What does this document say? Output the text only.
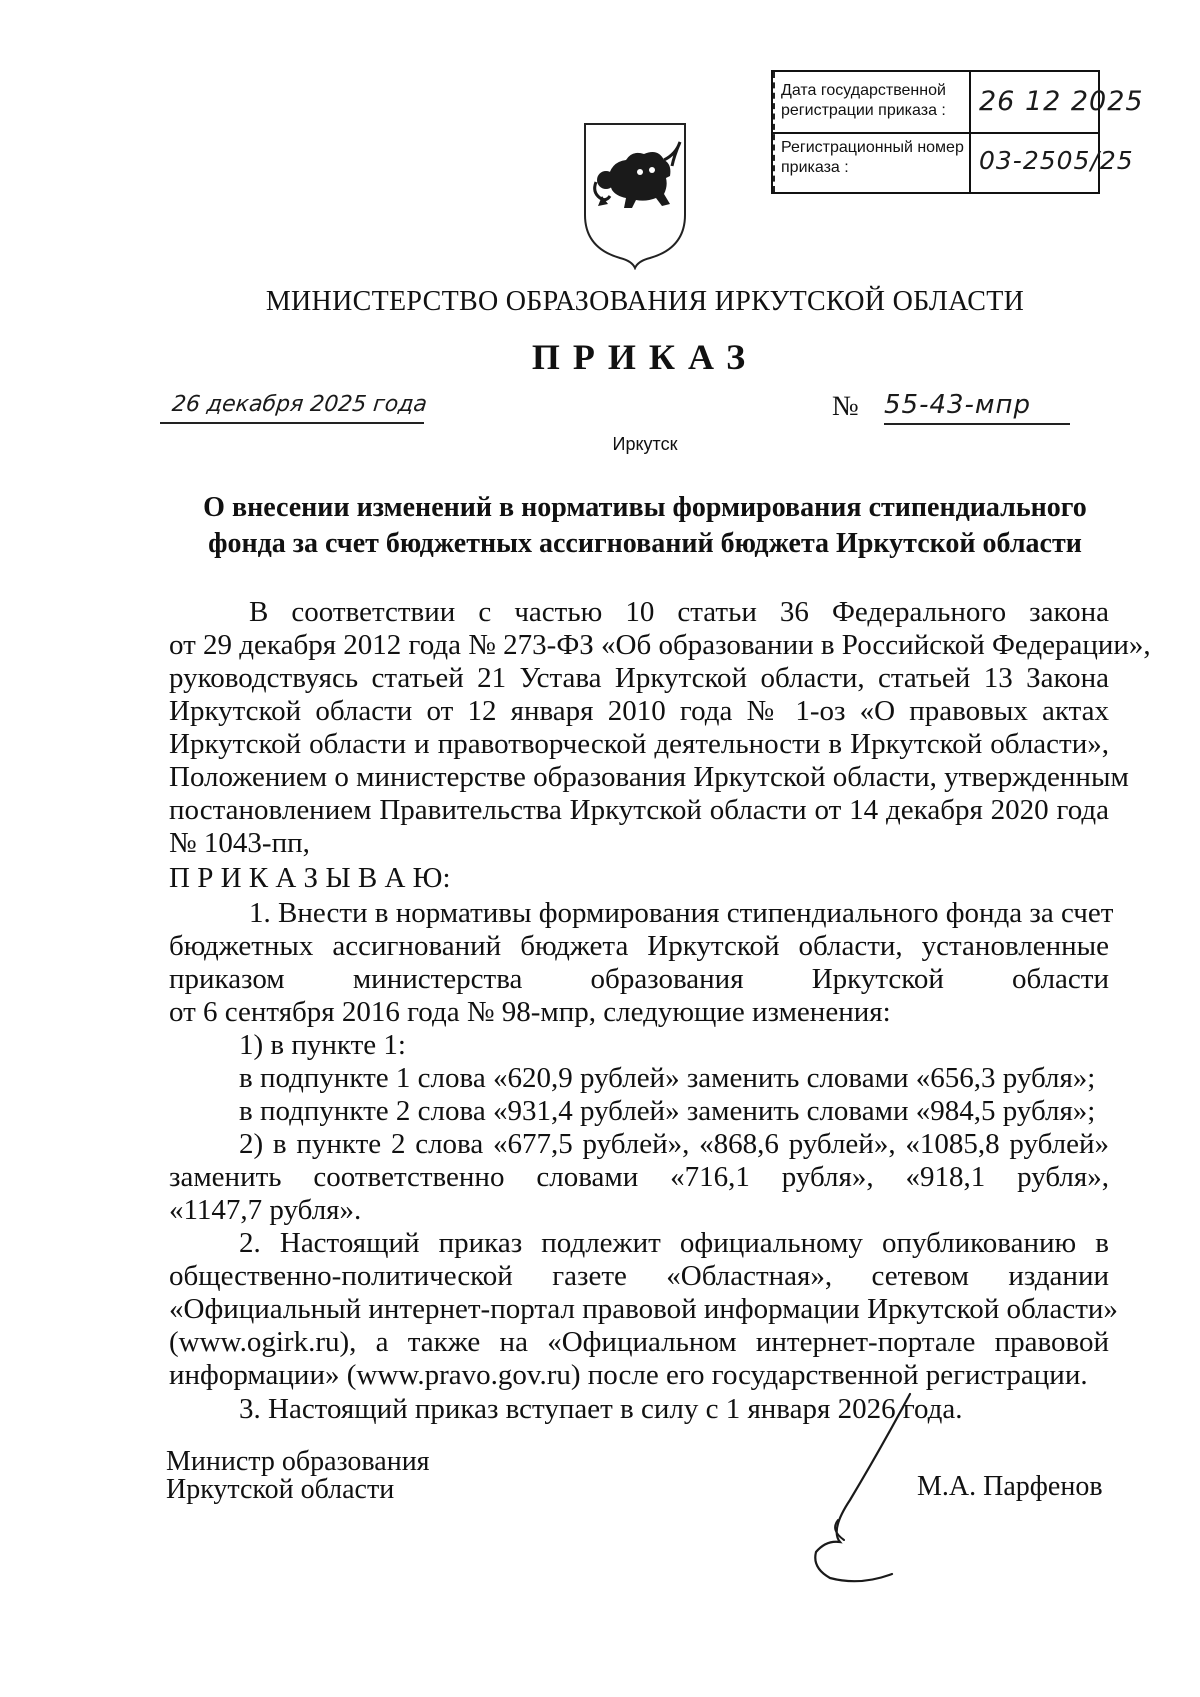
Дата государственной регистрации приказа :	26 12 2025
Регистрационный номер приказа :	03-2505/25
МИНИСТЕРСТВО ОБРАЗОВАНИЯ ИРКУТСКОЙ ОБЛАСТИ
ПРИКАЗ
26 декабря 2025 года	№ 55-43-мпр
Иркутск
О внесении изменений в нормативы формирования стипендиального
фонда за счет бюджетных ассигнований бюджета Иркутской области
В соответствии с частью 10 статьи 36 Федерального закона
от 29 декабря 2012 года № 273-ФЗ «Об образовании в Российской Федерации»,
руководствуясь статьей 21 Устава Иркутской области, статьей 13 Закона
Иркутской области от 12 января 2010 года № 1-оз «О правовых актах
Иркутской области и правотворческой деятельности в Иркутской области»,
Положением о министерстве образования Иркутской области, утвержденным
постановлением Правительства Иркутской области от 14 декабря 2020 года
№ 1043-пп,
П Р И К А З Ы В А Ю:
1. Внести в нормативы формирования стипендиального фонда за счет
бюджетных ассигнований бюджета Иркутской области, установленные
приказом министерства образования Иркутской области
от 6 сентября 2016 года № 98-мпр, следующие изменения:
1) в пункте 1:
в подпункте 1 слова «620,9 рублей» заменить словами «656,3 рубля»;
в подпункте 2 слова «931,4 рублей» заменить словами «984,5 рубля»;
2) в пункте 2 слова «677,5 рублей», «868,6 рублей», «1085,8 рублей»
заменить соответственно словами «716,1 рубля», «918,1 рубля»,
«1147,7 рубля».
2. Настоящий приказ подлежит официальному опубликованию в
общественно-политической газете «Областная», сетевом издании
«Официальный интернет-портал правовой информации Иркутской области»
(www.ogirk.ru), а также на «Официальном интернет-портале правовой
информации» (www.pravo.gov.ru) после его государственной регистрации.
3. Настоящий приказ вступает в силу с 1 января 2026 года.
Министр образования
Иркутской области	М.А. Парфенов
